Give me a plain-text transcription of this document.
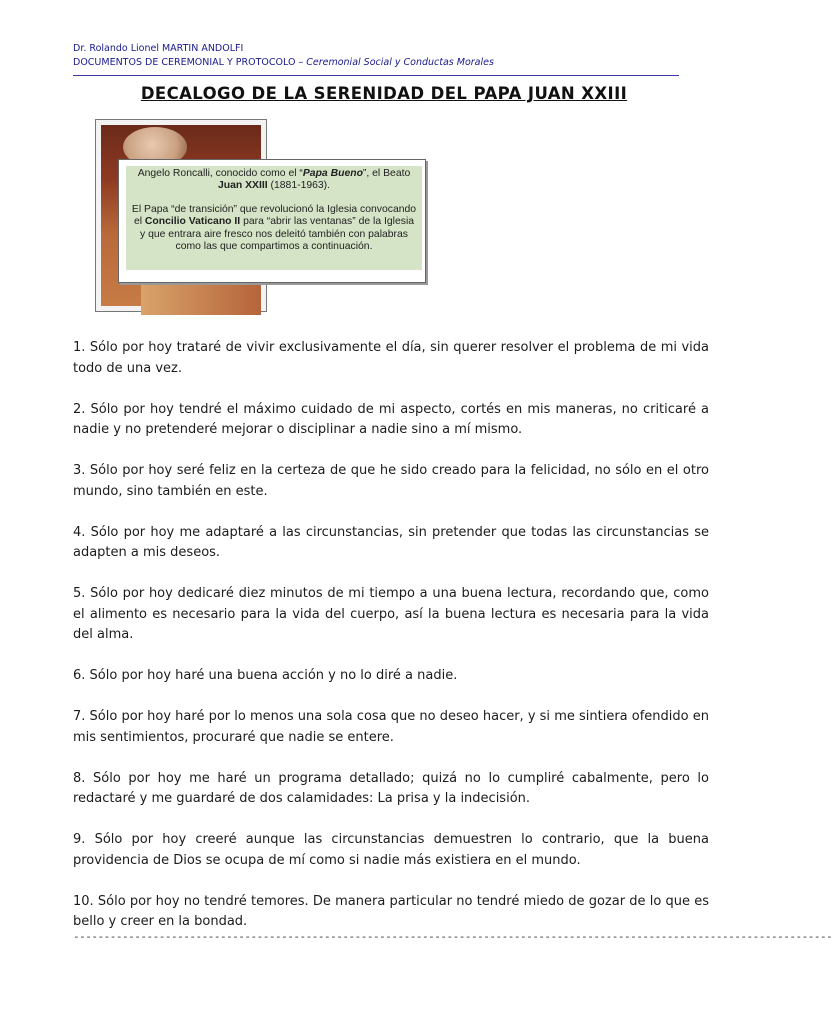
Dr. Rolando Lionel MARTIN ANDOLFI
DOCUMENTOS DE CEREMONIAL Y PROTOCOLO – Ceremonial Social y Conductas Morales
DECALOGO DE LA SERENIDAD DEL PAPA JUAN XXIII

Angelo Roncalli, conocido como el “Papa Bueno”, el Beato Juan XXIII (1881-1963).

El Papa “de transición” que revolucionó la Iglesia convocando el Concilio Vaticano II para “abrir las ventanas” de la Iglesia y que entrara aire fresco nos deleitó también con palabras como las que compartimos a continuación.

1. Sólo por hoy trataré de vivir exclusivamente el día, sin querer resolver el problema de mi vida todo de una vez.

2. Sólo por hoy tendré el máximo cuidado de mi aspecto, cortés en mis maneras, no criticaré a nadie y no pretenderé mejorar o disciplinar a nadie sino a mí mismo.

3. Sólo por hoy seré feliz en la certeza de que he sido creado para la felicidad, no sólo en el otro mundo, sino también en este.

4. Sólo por hoy me adaptaré a las circunstancias, sin pretender que todas las circunstancias se adapten a mis deseos.

5. Sólo por hoy dedicaré diez minutos de mi tiempo a una buena lectura, recordando que, como el alimento es necesario para la vida del cuerpo, así la buena lectura es necesaria para la vida del alma.

6. Sólo por hoy haré una buena acción y no lo diré a nadie.

7. Sólo por hoy haré por lo menos una sola cosa que no deseo hacer, y si me sintiera ofendido en mis sentimientos, procuraré que nadie se entere.

8. Sólo por hoy me haré un programa detallado; quizá no lo cumpliré cabalmente, pero lo redactaré y me guardaré de dos calamidades: La prisa y la indecisión.

9. Sólo por hoy creeré aunque las circunstancias demuestren lo contrario, que la buena providencia de Dios se ocupa de mí como si nadie más existiera en el mundo.

10. Sólo por hoy no tendré temores. De manera particular no tendré miedo de gozar de lo que es bello y creer en la bondad.

----------------------------------------------------------------------------------------------------------------------------
